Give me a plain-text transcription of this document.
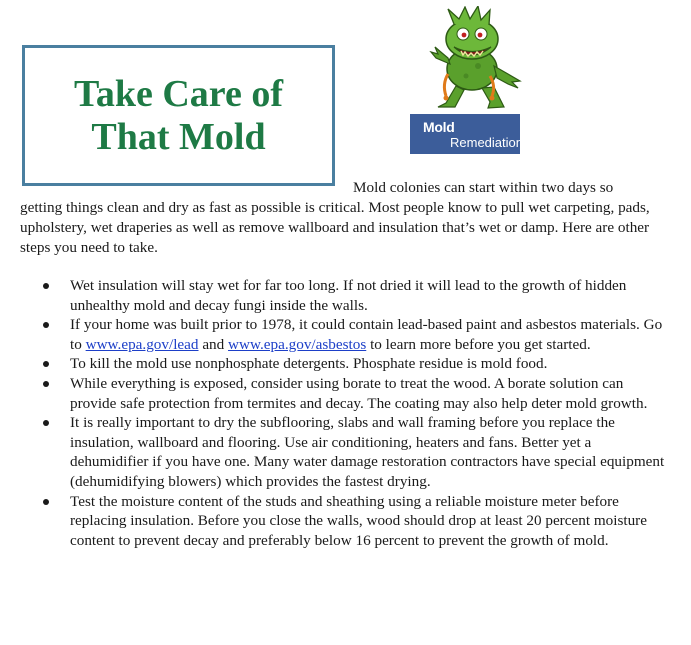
Take Care of
That Mold	Mold
Remediation
Mold colonies can start within two days so
getting things clean and dry as fast as possible is critical. Most people know to pull wet carpeting, pads, upholstery, wet draperies as well as remove wallboard and insulation that’s wet or damp. Here are other steps you need to take.
Wet insulation will stay wet for far too long. If not dried it will lead to the growth of hidden unhealthy mold and decay fungi inside the walls.
If your home was built prior to 1978, it could contain lead-based paint and asbestos materials. Go to www.epa.gov/lead and www.epa.gov/asbestos to learn more before you get started.
To kill the mold use nonphosphate detergents. Phosphate residue is mold food.
While everything is exposed, consider using borate to treat the wood. A borate solution can provide safe protection from termites and decay. The coating may also help deter mold growth.
It is really important to dry the subflooring, slabs and wall framing before you replace the insulation, wallboard and flooring. Use air conditioning, heaters and fans. Better yet a dehumidifier if you have one. Many water damage restoration contractors have special equipment (dehumidifying blowers) which provides the fastest drying.
Test the moisture content of the studs and sheathing using a reliable moisture meter before replacing insulation. Before you close the walls, wood should drop at least 20 percent moisture content to prevent decay and preferably below 16 percent to prevent the growth of mold.
